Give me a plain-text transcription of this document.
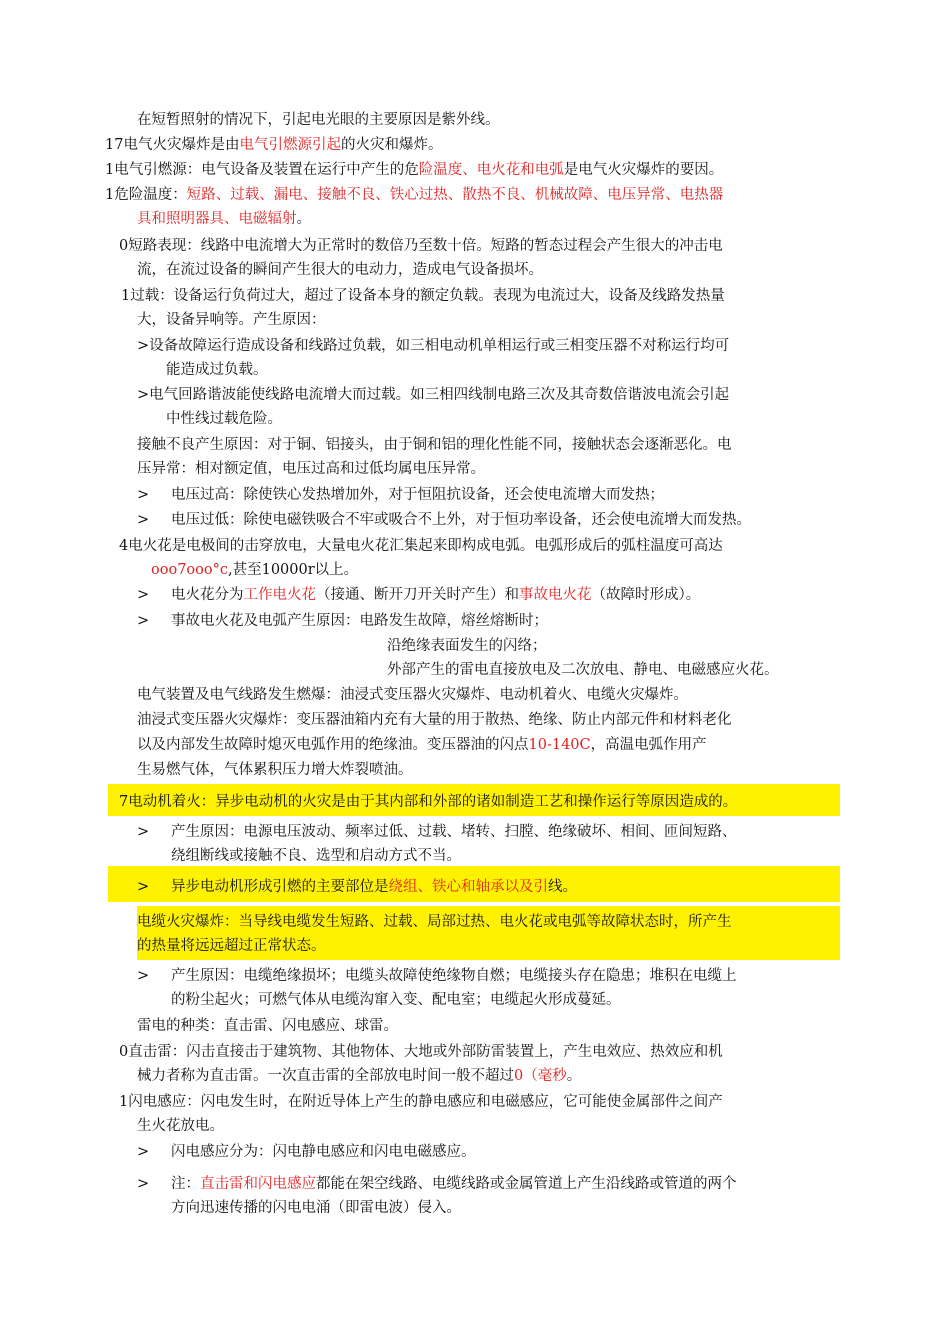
在短暂照射的情况下，引起电光眼的主要原因是紫外线。
17电气火灾爆炸是由电气引燃源引起的火灾和爆炸。
1电气引燃源：电气设备及装置在运行中产生的危险温度、电火花和电弧是电气火灾爆炸的要因。
1危险温度：短路、过载、漏电、接触不良、铁心过热、散热不良、机械故障、电压异常、电热器
具和照明器具、电磁辐射。
0短路表现：线路中电流增大为正常时的数倍乃至数十倍。短路的暂态过程会产生很大的冲击电
流，在流过设备的瞬间产生很大的电动力，造成电气设备损坏。
1过载：设备运行负荷过大，超过了设备本身的额定负载。表现为电流过大，设备及线路发热量
大，设备异响等。产生原因：
>设备故障运行造成设备和线路过负载，如三相电动机单相运行或三相变压器不对称运行均可
能造成过负载。
>电气回路谐波能使线路电流增大而过载。如三相四线制电路三次及其奇数倍谐波电流会引起
中性线过载危险。
接触不良产生原因：对于铜、铝接头，由于铜和铝的理化性能不同，接触状态会逐渐恶化。电
压异常：相对额定值，电压过高和过低均属电压异常。
> 电压过高：除使铁心发热增加外，对于恒阻抗设备，还会使电流增大而发热；
> 电压过低：除使电磁铁吸合不牢或吸合不上外，对于恒功率设备，还会使电流增大而发热。
4电火花是电极间的击穿放电，大量电火花汇集起来即构成电弧。电弧形成后的弧柱温度可高达
ooo7ooo°c,甚至10000r以上。
> 电火花分为工作电火花（接通、断开刀开关时产生）和事故电火花（故障时形成）。
> 事故电火花及电弧产生原因：电路发生故障，熔丝熔断时；
沿绝缘表面发生的闪络；
外部产生的雷电直接放电及二次放电、静电、电磁感应火花。
电气装置及电气线路发生燃爆：油浸式变压器火灾爆炸、电动机着火、电缆火灾爆炸。
油浸式变压器火灾爆炸：变压器油箱内充有大量的用于散热、绝缘、防止内部元件和材料老化
以及内部发生故障时熄灭电弧作用的绝缘油。变压器油的闪点10-140C，高温电弧作用产
生易燃气体，气体累积压力增大炸裂喷油。
7电动机着火：异步电动机的火灾是由于其内部和外部的诸如制造工艺和操作运行等原因造成的。
> 产生原因：电源电压波动、频率过低、过载、堵转、扫膛、绝缘破坏、相间、匝间短路、
绕组断线或接触不良、选型和启动方式不当。
> 异步电动机形成引燃的主要部位是绕组、铁心和轴承以及引线。
电缆火灾爆炸：当导线电缆发生短路、过载、局部过热、电火花或电弧等故障状态时，所产生
的热量将远远超过正常状态。
> 产生原因：电缆绝缘损坏；电缆头故障使绝缘物自燃；电缆接头存在隐患；堆积在电缆上
的粉尘起火；可燃气体从电缆沟窜入变、配电室；电缆起火形成蔓延。
雷电的种类：直击雷、闪电感应、球雷。
0直击雷：闪击直接击于建筑物、其他物体、大地或外部防雷装置上，产生电效应、热效应和机
械力者称为直击雷。一次直击雷的全部放电时间一般不超过0（毫秒。
1闪电感应：闪电发生时，在附近导体上产生的静电感应和电磁感应，它可能使金属部件之间产
生火花放电。
> 闪电感应分为：闪电静电感应和闪电电磁感应。
> 注：直击雷和闪电感应都能在架空线路、电缆线路或金属管道上产生沿线路或管道的两个
方向迅速传播的闪电电涌（即雷电波）侵入。
